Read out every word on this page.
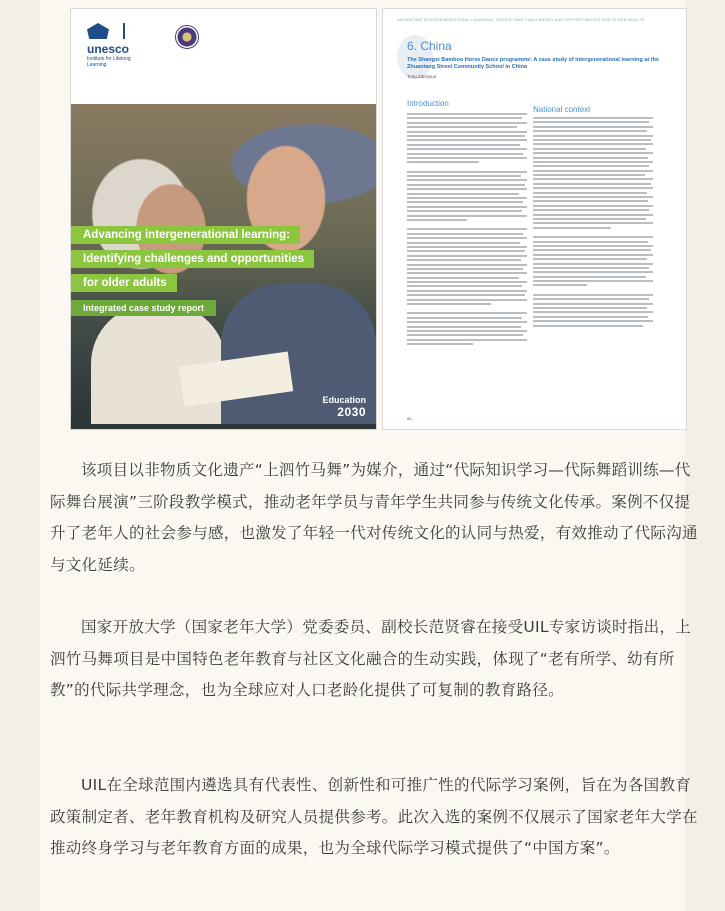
unesco
Institute for Lifelong Learning
Advancing intergenerational learning:
Identifying challenges and opportunities
for older adults
Integrated case study report
Education
2030
ADVANCING INTERGENERATIONAL LEARNING: IDENTIFYING CHALLENGES AND OPPORTUNITIES FOR OLDER ADULTS
6. China
The Shangsi Bamboo Horse Dance programme: A case study of intergenerational learning at the Zhuantang Street Community School in China
Tong Zaizeyun
Introduction
National context
66

该项目以非物质文化遗产“上泗竹马舞”为媒介，通过“代际知识学习—代际舞蹈训练—代际舞台展演”三阶段教学模式，推动老年学员与青年学生共同参与传统文化传承。案例不仅提升了老年人的社会参与感，也激发了年轻一代对传统文化的认同与热爱，有效推动了代际沟通与文化延续。

国家开放大学（国家老年大学）党委委员、副校长范贤睿在接受UIL专家访谈时指出，上泗竹马舞项目是中国特色老年教育与社区文化融合的生动实践，体现了“老有所学、幼有所教”的代际共学理念，也为全球应对人口老龄化提供了可复制的教育路径。

UIL在全球范围内遴选具有代表性、创新性和可推广性的代际学习案例，旨在为各国教育政策制定者、老年教育机构及研究人员提供参考。此次入选的案例不仅展示了国家老年大学在推动终身学习与老年教育方面的成果，也为全球代际学习模式提供了“中国方案”。
